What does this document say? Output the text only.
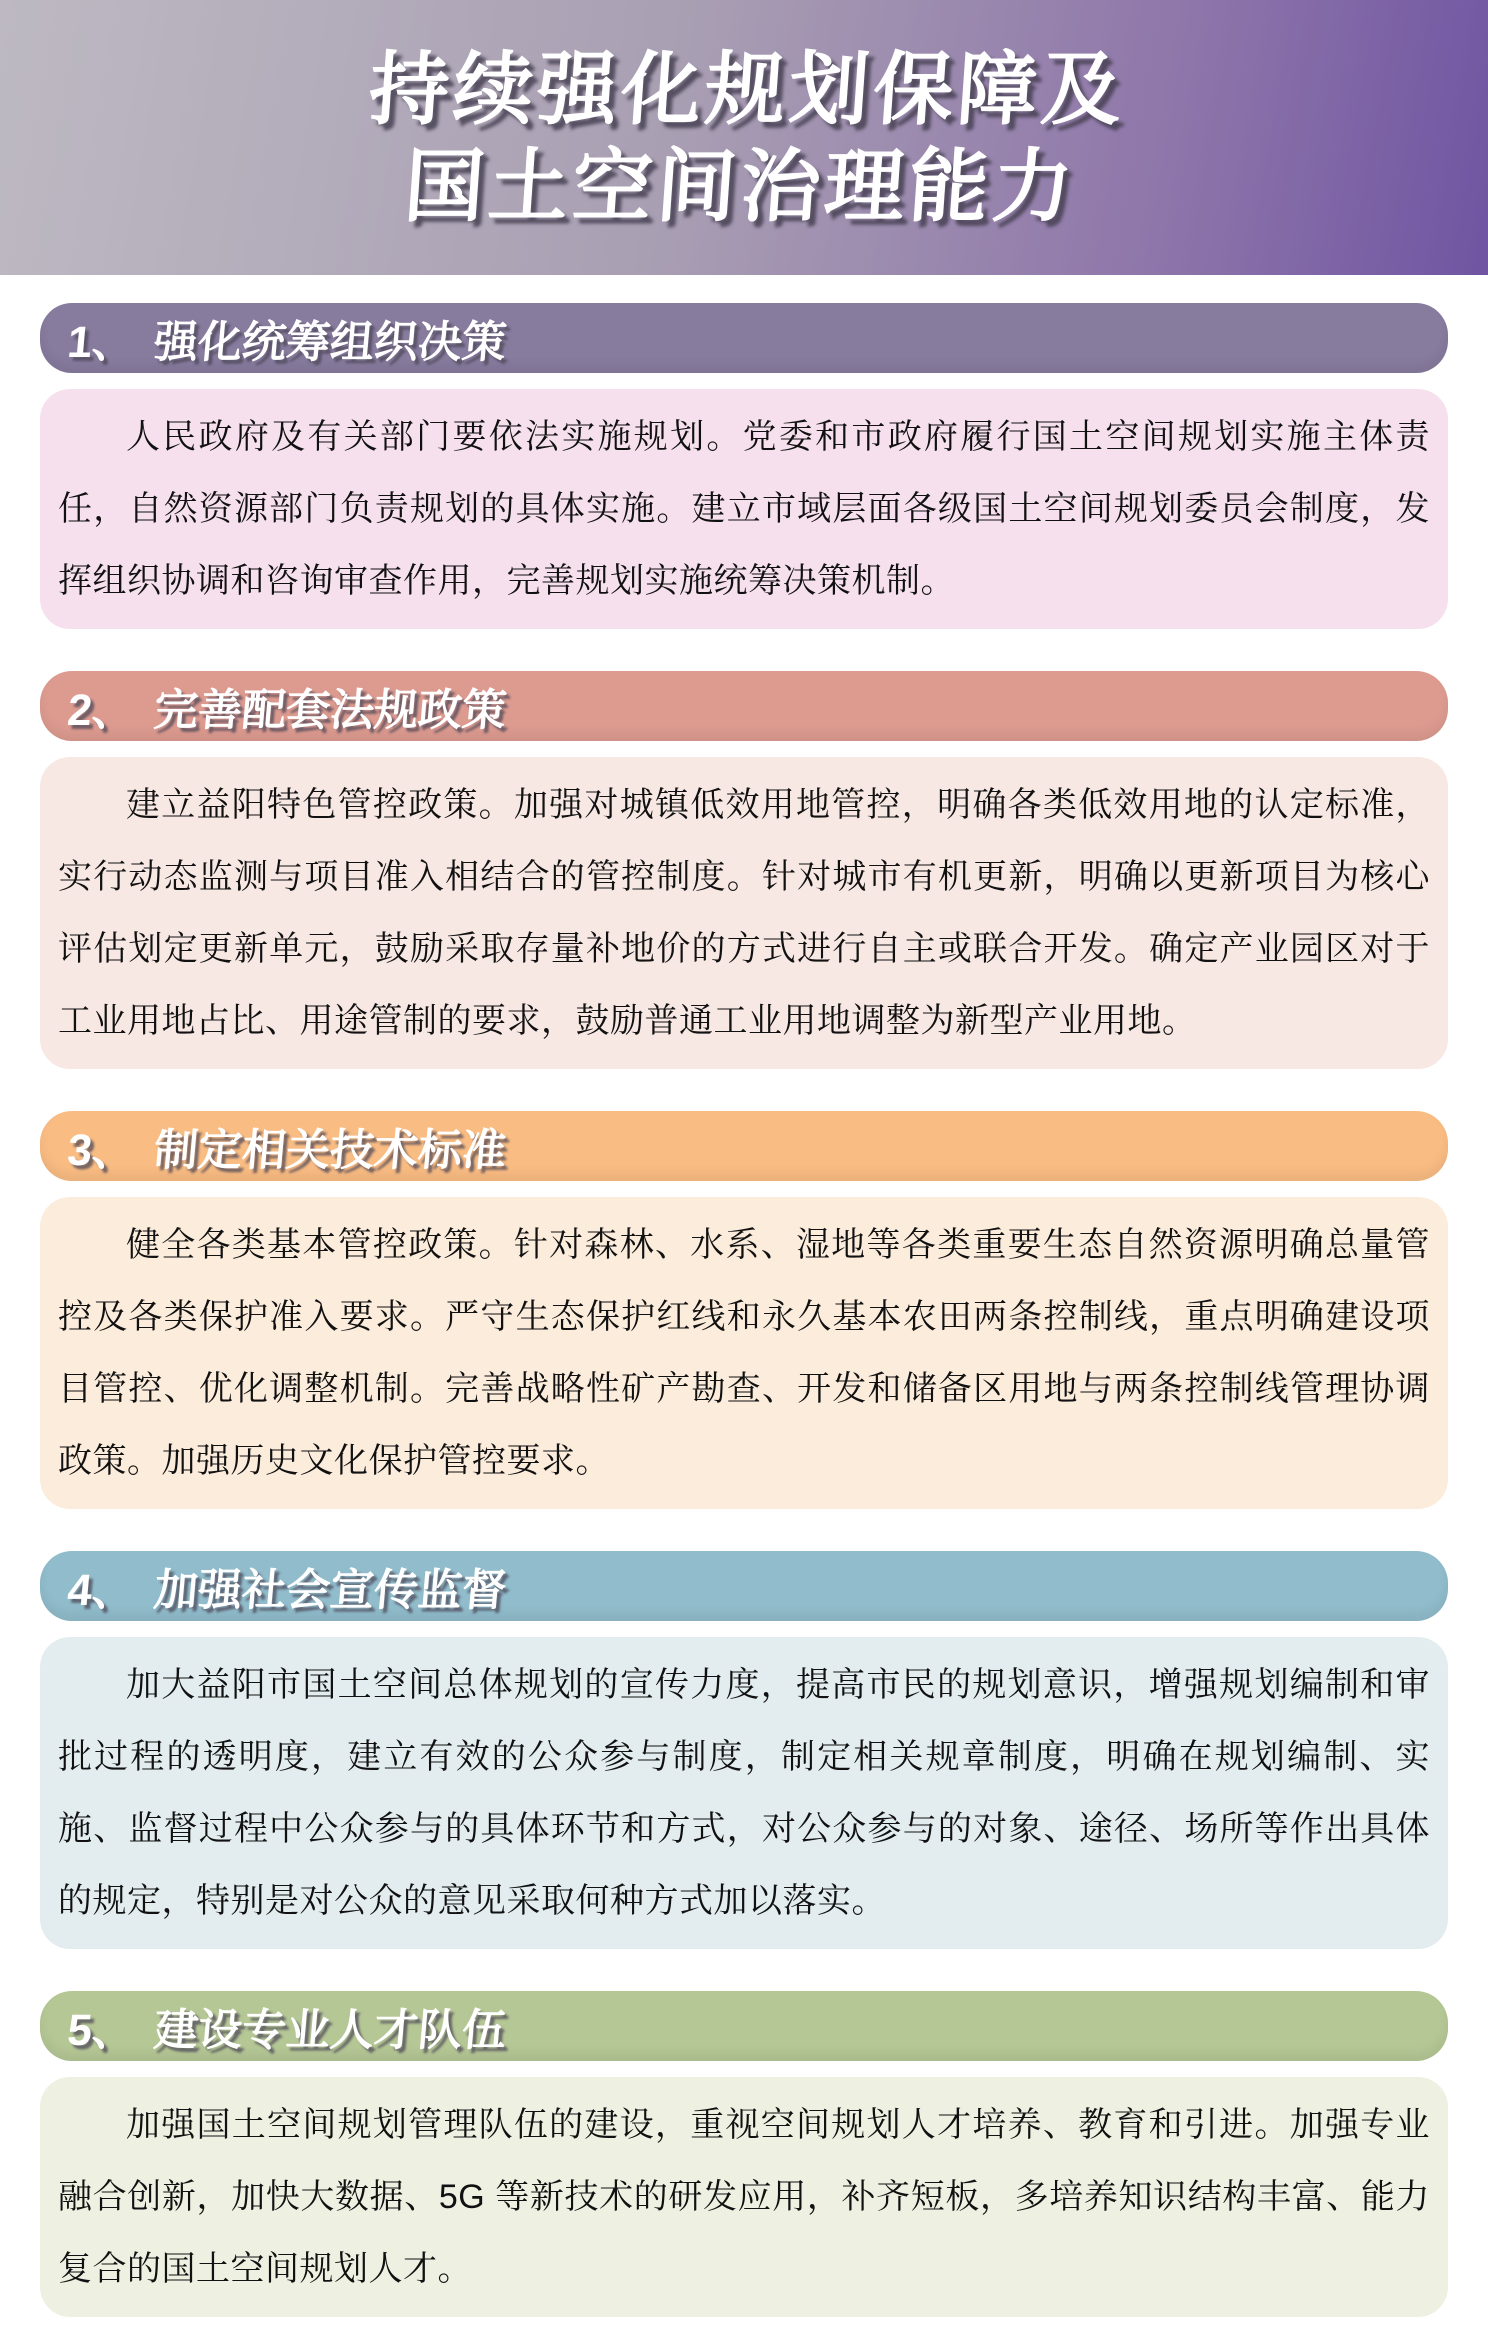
持续强化规划保障及
国土空间治理能力
1、 强化统筹组织决策

人民政府及有关部门要依法实施规划。党委和市政府履行国土空间规划实施主体责任，自然资源部门负责规划的具体实施。建立市域层面各级国土空间规划委员会制度，发挥组织协调和咨询审查作用，完善规划实施统筹决策机制。

2、 完善配套法规政策

建立益阳特色管控政策。加强对城镇低效用地管控，明确各类低效用地的认定标准，实行动态监测与项目准入相结合的管控制度。针对城市有机更新，明确以更新项目为核心评估划定更新单元，鼓励采取存量补地价的方式进行自主或联合开发。确定产业园区对于工业用地占比、用途管制的要求，鼓励普通工业用地调整为新型产业用地。

3、 制定相关技术标准

健全各类基本管控政策。针对森林、水系、湿地等各类重要生态自然资源明确总量管控及各类保护准入要求。严守生态保护红线和永久基本农田两条控制线，重点明确建设项目管控、优化调整机制。完善战略性矿产勘查、开发和储备区用地与两条控制线管理协调政策。加强历史文化保护管控要求。

4、 加强社会宣传监督

加大益阳市国土空间总体规划的宣传力度，提高市民的规划意识，增强规划编制和审批过程的透明度，建立有效的公众参与制度，制定相关规章制度，明确在规划编制、实施、监督过程中公众参与的具体环节和方式，对公众参与的对象、途径、场所等作出具体的规定，特别是对公众的意见采取何种方式加以落实。

5、 建设专业人才队伍

加强国土空间规划管理队伍的建设，重视空间规划人才培养、教育和引进。加强专业融合创新，加快大数据、5G 等新技术的研发应用，补齐短板，多培养知识结构丰富、能力复合的国土空间规划人才。
